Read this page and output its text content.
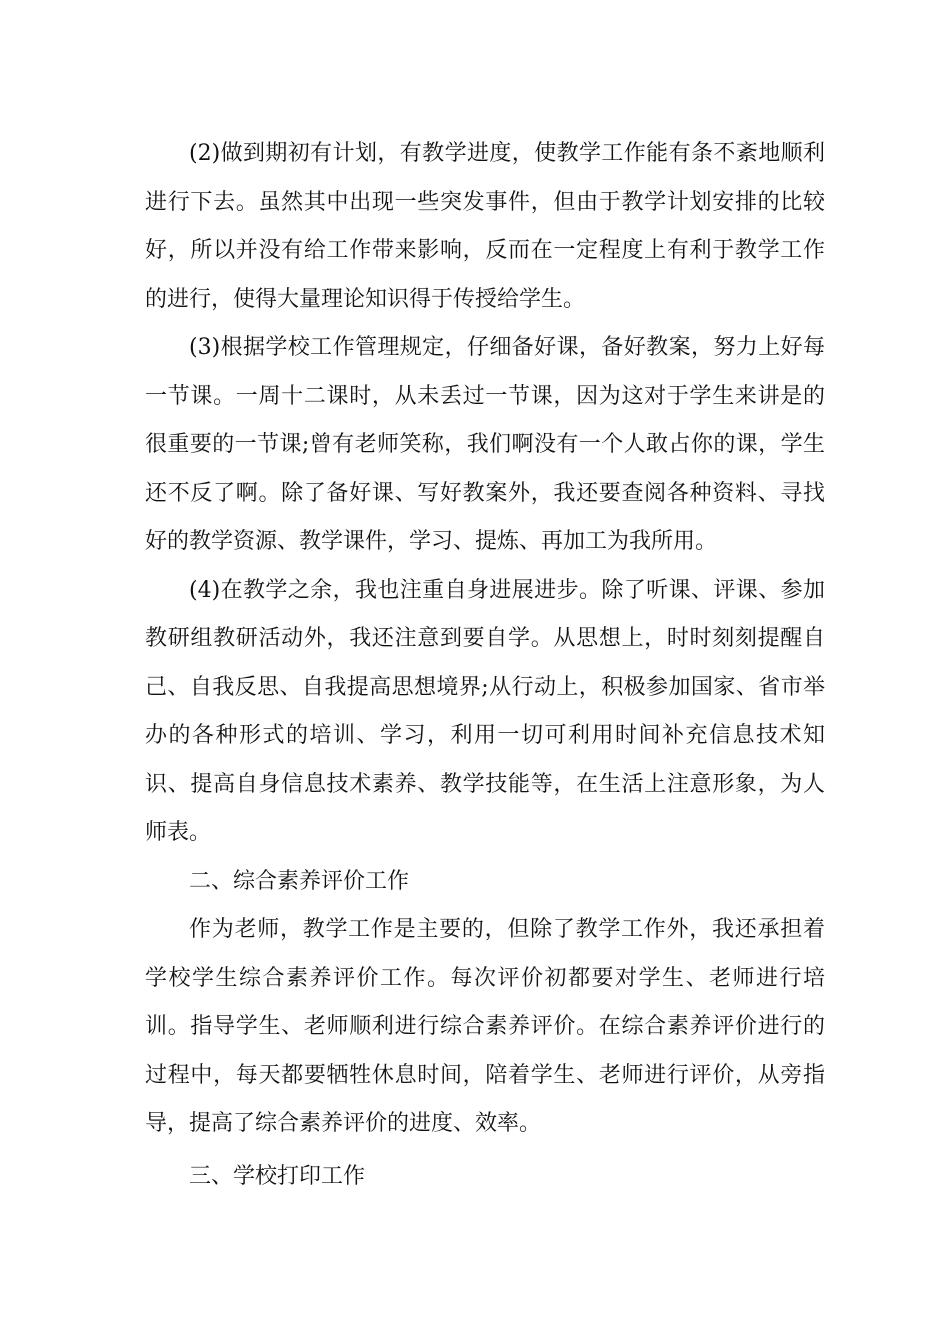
(2)做到期初有计划，有教学进度，使教学工作能有条不紊地顺利进行下去。虽然其中出现一些突发事件，但由于教学计划安排的比较好，所以并没有给工作带来影响，反而在一定程度上有利于教学工作的进行，使得大量理论知识得于传授给学生。

(3)根据学校工作管理规定，仔细备好课，备好教案，努力上好每一节课。一周十二课时，从未丢过一节课，因为这对于学生来讲是的很重要的一节课;曾有老师笑称，我们啊没有一个人敢占你的课，学生还不反了啊。除了备好课、写好教案外，我还要查阅各种资料、寻找好的教学资源、教学课件，学习、提炼、再加工为我所用。

(4)在教学之余，我也注重自身进展进步。除了听课、评课、参加教研组教研活动外，我还注意到要自学。从思想上，时时刻刻提醒自己、自我反思、自我提高思想境界;从行动上，积极参加国家、省市举办的各种形式的培训、学习，利用一切可利用时间补充信息技术知识、提高自身信息技术素养、教学技能等，在生活上注意形象，为人师表。

二、综合素养评价工作

作为老师，教学工作是主要的，但除了教学工作外，我还承担着学校学生综合素养评价工作。每次评价初都要对学生、老师进行培训。指导学生、老师顺利进行综合素养评价。在综合素养评价进行的过程中，每天都要牺牲休息时间，陪着学生、老师进行评价，从旁指导，提高了综合素养评价的进度、效率。

三、学校打印工作
